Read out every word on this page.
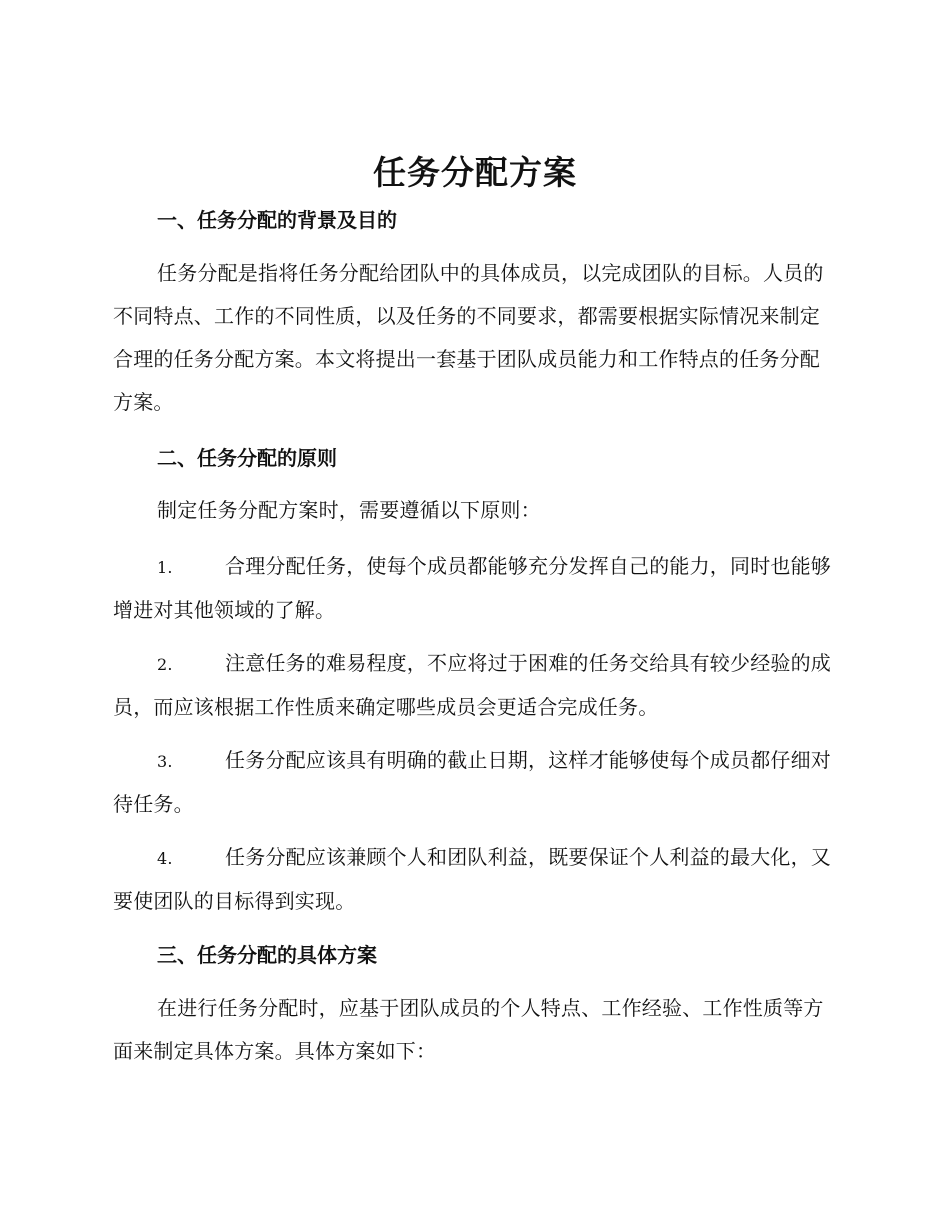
任务分配方案
一、任务分配的背景及目的

任务分配是指将任务分配给团队中的具体成员，以完成团队的目标。人员的不同特点、工作的不同性质，以及任务的不同要求，都需要根据实际情况来制定合理的任务分配方案。本文将提出一套基于团队成员能力和工作特点的任务分配方案。

二、任务分配的原则

制定任务分配方案时，需要遵循以下原则：

1.	合理分配任务，使每个成员都能够充分发挥自己的能力，同时也能够增进对其他领域的了解。

2.	注意任务的难易程度，不应将过于困难的任务交给具有较少经验的成员，而应该根据工作性质来确定哪些成员会更适合完成任务。

3.	任务分配应该具有明确的截止日期，这样才能够使每个成员都仔细对待任务。

4.	任务分配应该兼顾个人和团队利益，既要保证个人利益的最大化，又要使团队的目标得到实现。

三、任务分配的具体方案

在进行任务分配时，应基于团队成员的个人特点、工作经验、工作性质等方面来制定具体方案。具体方案如下：
